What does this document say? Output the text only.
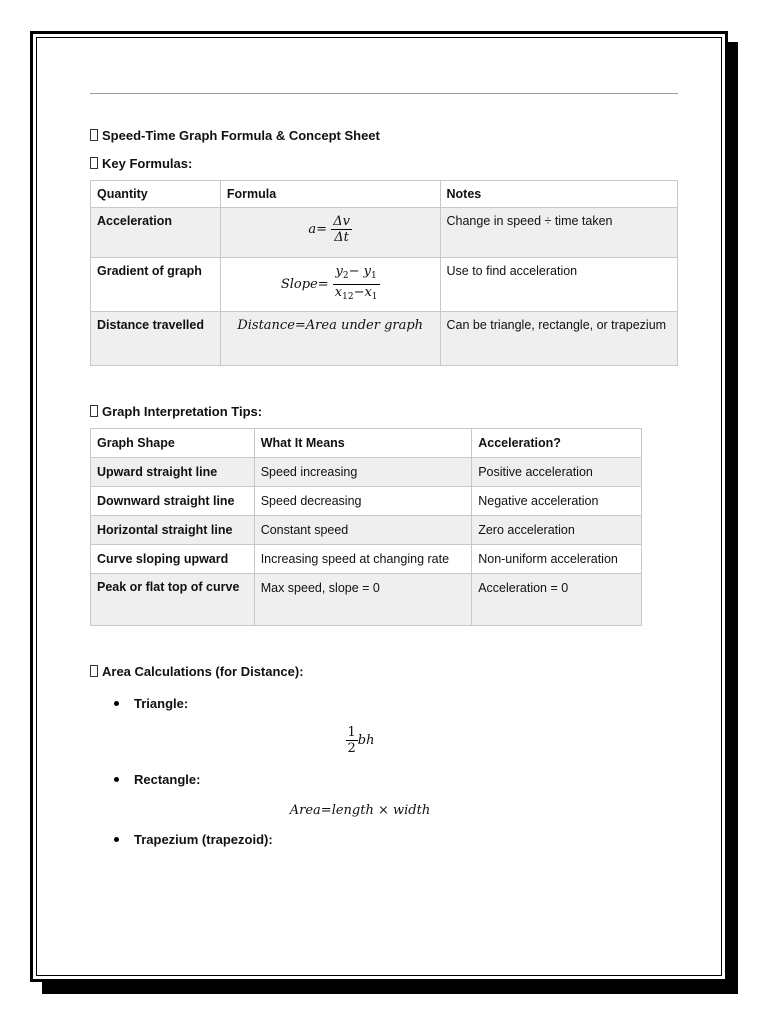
Speed-Time Graph Formula & Concept Sheet
Key Formulas:
Quantity	Formula	Notes
Acceleration	$a= \frac{\Delta v}{\Delta t}$	Change in speed ÷ time taken
Gradient of graph	Slope= $\frac{y_2- y_1}{x_{12}-x_1}$	Use to find acceleration
Distance travelled	Distance=Area under graph	Can be triangle, rectangle, or trapezium
Graph Interpretation Tips:
Graph Shape	What It Means	Acceleration?
Upward straight line	Speed increasing	Positive acceleration
Downward straight line	Speed decreasing	Negative acceleration
Horizontal straight line	Constant speed	Zero acceleration
Curve sloping upward	Increasing speed at changing rate	Non-uniform acceleration
Peak or flat top of curve	Max speed, slope = 0	Acceleration = 0
Area Calculations (for Distance):
Triangle:
$\frac{1}{2}$ bh
Rectangle:
Area=length × width
Trapezium (trapezoid):
